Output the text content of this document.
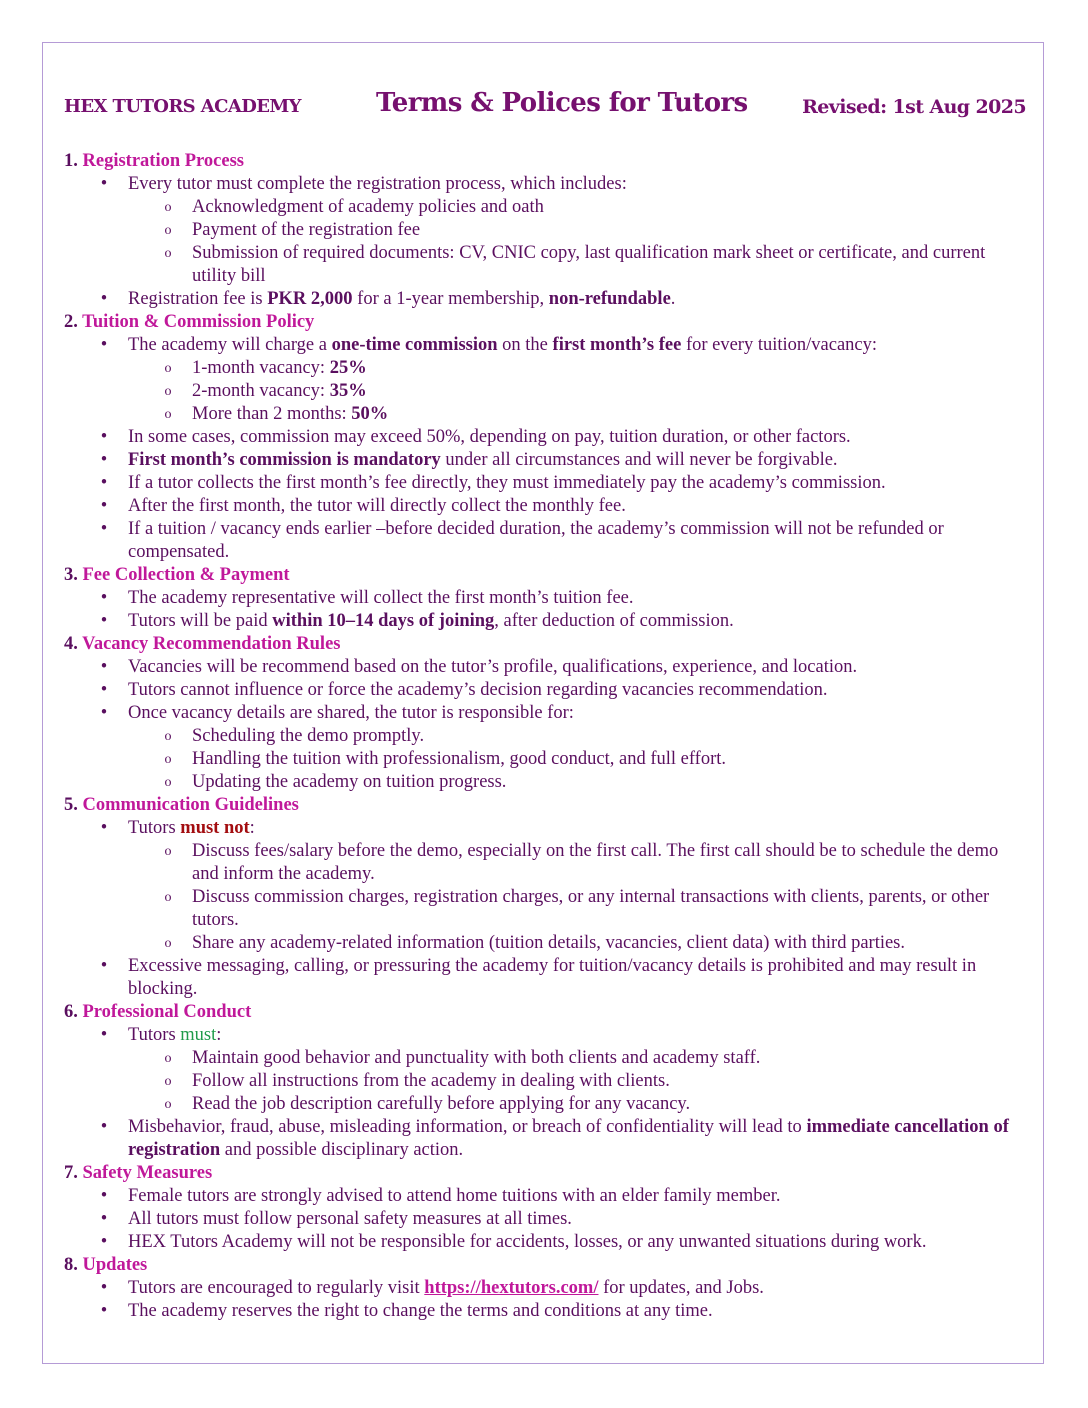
HEX TUTORS ACADEMY	Terms & Polices for Tutors	Revised: 1st Aug 2025
1. Registration Process
•	Every tutor must complete the registration process, which includes:
o	Acknowledgment of academy policies and oath
o	Payment of the registration fee
o	Submission of required documents: CV, CNIC copy, last qualification mark sheet or certificate, and current utility bill
•	Registration fee is PKR 2,000 for a 1-year membership, non-refundable.
2. Tuition & Commission Policy
•	The academy will charge a one-time commission on the first month’s fee for every tuition/vacancy:
o	1-month vacancy: 25%
o	2-month vacancy: 35%
o	More than 2 months: 50%
•	In some cases, commission may exceed 50%, depending on pay, tuition duration, or other factors.
•	First month’s commission is mandatory under all circumstances and will never be forgivable.
•	If a tutor collects the first month’s fee directly, they must immediately pay the academy’s commission.
•	After the first month, the tutor will directly collect the monthly fee.
•	If a tuition / vacancy ends earlier –before decided duration, the academy’s commission will not be refunded or compensated.
3. Fee Collection & Payment
•	The academy representative will collect the first month’s tuition fee.
•	Tutors will be paid within 10–14 days of joining, after deduction of commission.
4. Vacancy Recommendation Rules
•	Vacancies will be recommend based on the tutor’s profile, qualifications, experience, and location.
•	Tutors cannot influence or force the academy’s decision regarding vacancies recommendation.
•	Once vacancy details are shared, the tutor is responsible for:
o	Scheduling the demo promptly.
o	Handling the tuition with professionalism, good conduct, and full effort.
o	Updating the academy on tuition progress.
5. Communication Guidelines
•	Tutors must not:
o	Discuss fees/salary before the demo, especially on the first call. The first call should be to schedule the demo and inform the academy.
o	Discuss commission charges, registration charges, or any internal transactions with clients, parents, or other tutors.
o	Share any academy-related information (tuition details, vacancies, client data) with third parties.
•	Excessive messaging, calling, or pressuring the academy for tuition/vacancy details is prohibited and may result in blocking.
6. Professional Conduct
•	Tutors must:
o	Maintain good behavior and punctuality with both clients and academy staff.
o	Follow all instructions from the academy in dealing with clients.
o	Read the job description carefully before applying for any vacancy.
•	Misbehavior, fraud, abuse, misleading information, or breach of confidentiality will lead to immediate cancellation of registration and possible disciplinary action.
7. Safety Measures
•	Female tutors are strongly advised to attend home tuitions with an elder family member.
•	All tutors must follow personal safety measures at all times.
•	HEX Tutors Academy will not be responsible for accidents, losses, or any unwanted situations during work.
8. Updates
•	Tutors are encouraged to regularly visit https://hextutors.com/ for updates, and Jobs.
•	The academy reserves the right to change the terms and conditions at any time.
